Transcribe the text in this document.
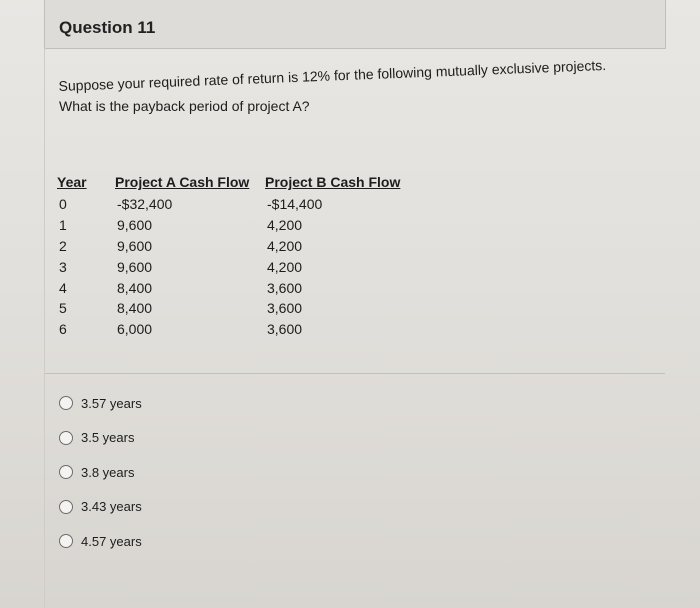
Question 11
Suppose your required rate of return is 12% for the following mutually exclusive projects.
What is the payback period of project A?
Year	Project A Cash Flow	Project B Cash Flow
0	-$32,400	-$14,400
1	9,600	4,200
2	9,600	4,200
3	9,600	4,200
4	8,400	3,600
5	8,400	3,600
6	6,000	3,600
3.57 years
3.5 years
3.8 years
3.43 years
4.57 years
